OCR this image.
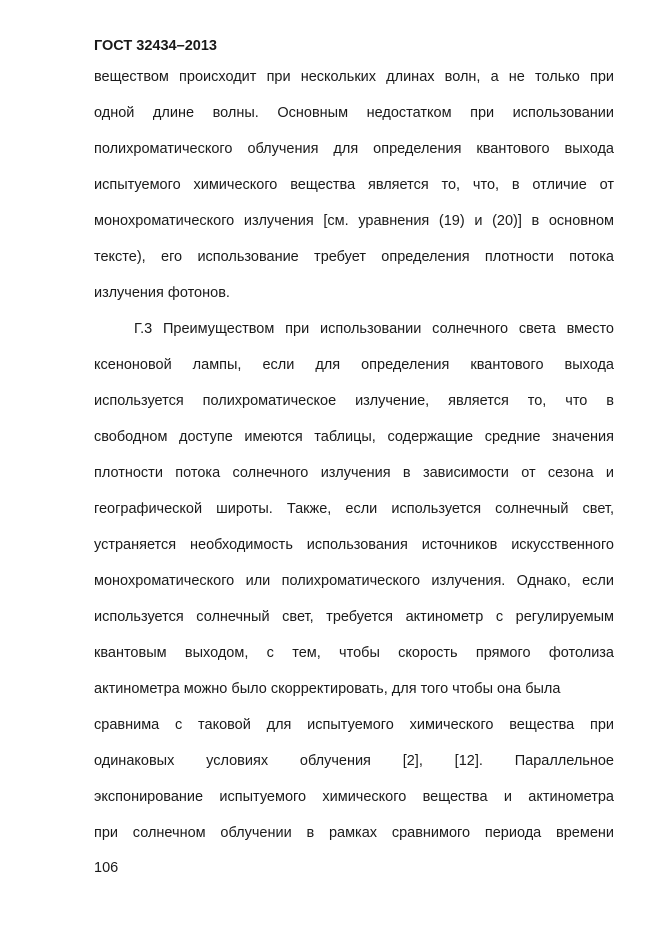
ГОСТ 32434–2013
веществом происходит при нескольких длинах волн, а не только при
одной длине волны. Основным недостатком при использовании
полихроматического облучения для определения квантового выхода
испытуемого химического вещества является то, что, в отличие от
монохроматического излучения [см. уравнения (19) и (20)] в основном
тексте), его использование требует определения плотности потока
излучения фотонов.
Г.3 Преимуществом при использовании солнечного света вместо
ксеноновой лампы, если для определения квантового выхода
используется полихроматическое излучение, является то, что в
свободном доступе имеются таблицы, содержащие средние значения
плотности потока солнечного излучения в зависимости от сезона и
географической широты. Также, если используется солнечный свет,
устраняется необходимость использования источников искусственного
монохроматического или полихроматического излучения. Однако, если
используется солнечный свет, требуется актинометр с регулируемым
квантовым выходом, с тем, чтобы скорость прямого фотолиза
актинометра можно было скорректировать, для того чтобы она была
сравнима с таковой для испытуемого химического вещества при
одинаковых условиях облучения [2], [12]. Параллельное
экспонирование испытуемого химического вещества и актинометра
при солнечном облучении в рамках сравнимого периода времени
106
